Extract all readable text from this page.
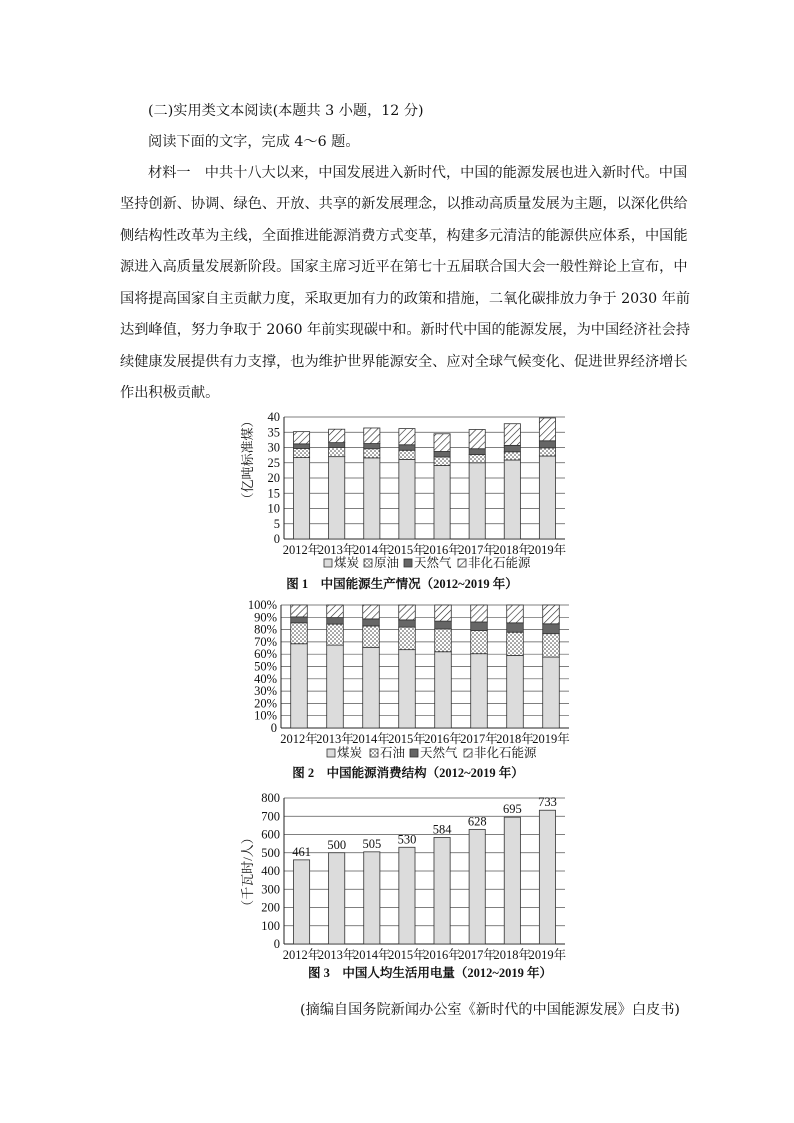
(二)实用类文本阅读(本题共 3 小题，12 分)
阅读下面的文字，完成 4～6 题。
材料一　中共十八大以来，中国发展进入新时代，中国的能源发展也进入新时代。中国
坚持创新、协调、绿色、开放、共享的新发展理念，以推动高质量发展为主题，以深化供给
侧结构性改革为主线，全面推进能源消费方式变革，构建多元清洁的能源供应体系，中国能
源进入高质量发展新阶段。国家主席习近平在第七十五届联合国大会一般性辩论上宣布，中
国将提高国家自主贡献力度，采取更加有力的政策和措施，二氧化碳排放力争于 2030 年前
达到峰值，努力争取于 2060 年前实现碳中和。新时代中国的能源发展，为中国经济社会持
续健康发展提供有力支撑，也为维护世界能源安全、应对全球气候变化、促进世界经济增长
作出积极贡献。
0
5
10
15
20
25
30
35
40
2012年
2013年
2014年
2015年
2016年
2017年
2018年
2019年
（亿吨标准煤）
煤炭 原油 天然气 非化石能源
图 1　中国能源生产情况（2012~2019 年）
0
10%
20%
30%
40%
50%
60%
70%
80%
90%
100%
2012年
2013年
2014年
2015年
2016年
2017年
2018年
2019年
煤炭 石油 天然气 非化石能源
图 2　中国能源消费结构（2012~2019 年）
461
500 505 530
584
628
695 733
0
100
200
300
400
500
600
700
800
2012年
2013年
2014年
2015年
2016年
2017年
2018年
2019年
（千瓦时/人）
图 3　中国人均生活用电量（2012~2019 年）
(摘编自国务院新闻办公室《新时代的中国能源发展》白皮书)
